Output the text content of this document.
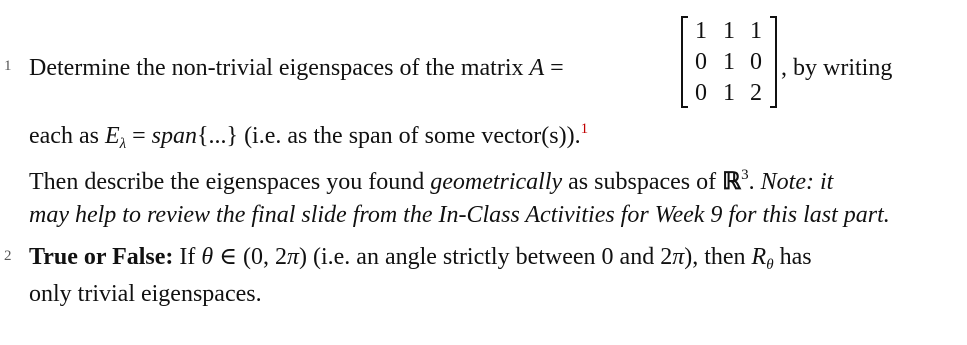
1 Determine the non-trivial eigenspaces of the matrix A =
1 1 1
0 1 0
0 1 2
, by writing
each as $E_\lambda$ = span{...} (i.e. as the span of some vector(s)).$^1$
Then describe the eigenspaces you found geometrically as subspaces of ℝ$^3$. Note: it
may help to review the final slide from the In-Class Activities for Week 9 for this last part.
2 True or False: If θ ∈ (0, 2π) (i.e. an angle strictly between 0 and 2π), then $R_\theta$ has
only trivial eigenspaces.
